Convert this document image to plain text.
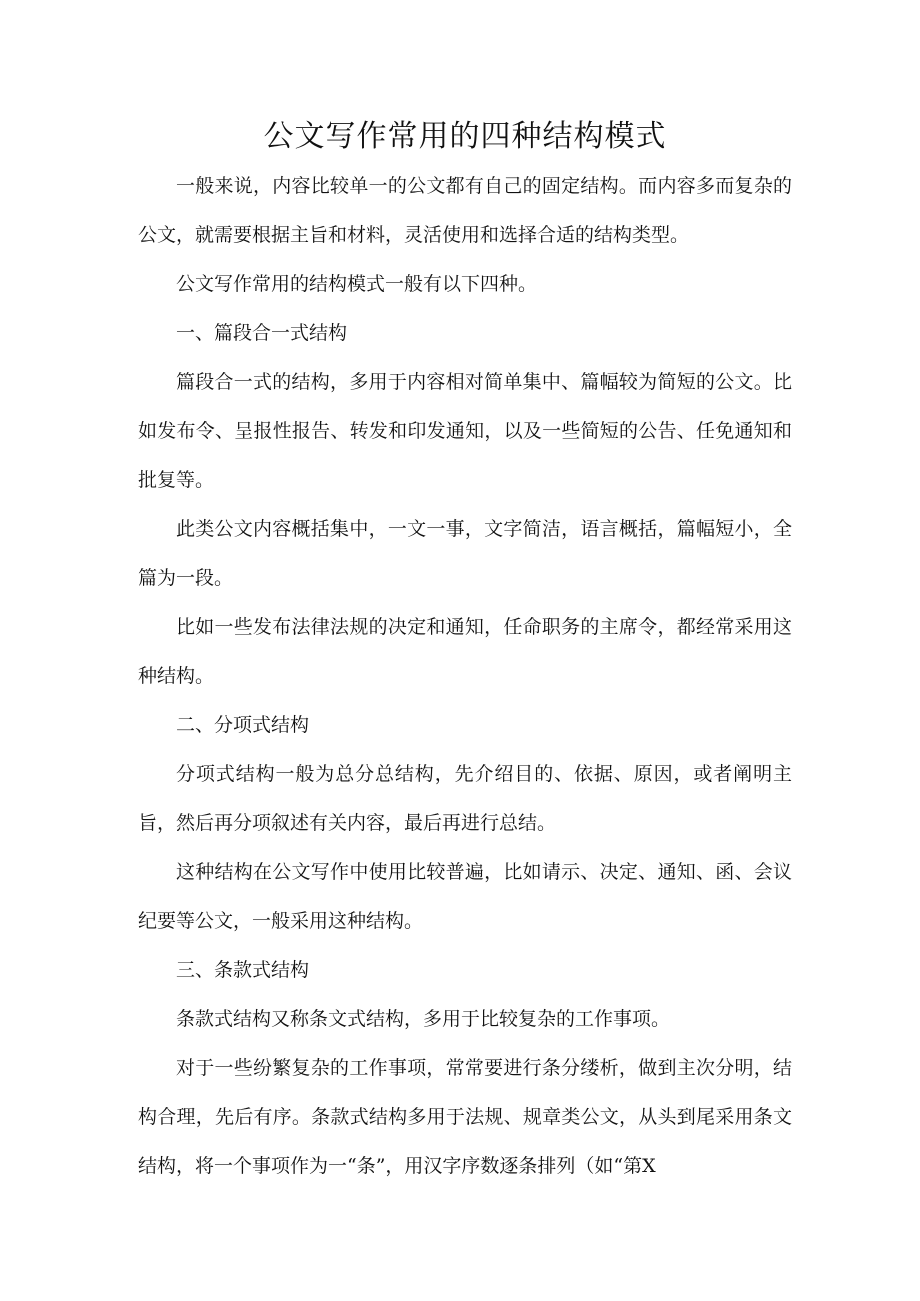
公文写作常用的四种结构模式

一般来说，内容比较单一的公文都有自己的固定结构。而内容多而复杂的公文，就需要根据主旨和材料，灵活使用和选择合适的结构类型。

公文写作常用的结构模式一般有以下四种。

一、篇段合一式结构

篇段合一式的结构，多用于内容相对简单集中、篇幅较为简短的公文。比如发布令、呈报性报告、转发和印发通知，以及一些简短的公告、任免通知和批复等。

此类公文内容概括集中，一文一事，文字简洁，语言概括，篇幅短小，全篇为一段。

比如一些发布法律法规的决定和通知，任命职务的主席令，都经常采用这种结构。

二、分项式结构

分项式结构一般为总分总结构，先介绍目的、依据、原因，或者阐明主旨，然后再分项叙述有关内容，最后再进行总结。

这种结构在公文写作中使用比较普遍，比如请示、决定、通知、函、会议纪要等公文，一般采用这种结构。

三、条款式结构

条款式结构又称条文式结构，多用于比较复杂的工作事项。

对于一些纷繁复杂的工作事项，常常要进行条分缕析，做到主次分明，结构合理，先后有序。条款式结构多用于法规、规章类公文，从头到尾采用条文结构，将一个事项作为一“条”，用汉字序数逐条排列（如“第X
